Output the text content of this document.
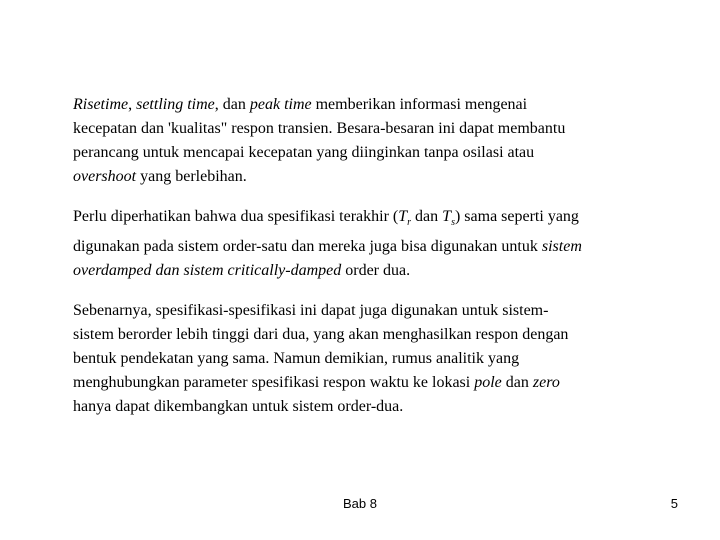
Risetime, settling time, dan peak time memberikan informasi mengenai
kecepatan dan 'kualitas" respon transien. Besara-besaran ini dapat membantu
perancang untuk mencapai kecepatan yang diinginkan tanpa osilasi atau
overshoot yang berlebihan.

Perlu diperhatikan bahwa dua spesifikasi terakhir ($T_r$ dan $T_s$) sama seperti yang
digunakan pada sistem order-satu dan mereka juga bisa digunakan untuk sistem
overdamped dan sistem critically-damped order dua.

Sebenarnya, spesifikasi-spesifikasi ini dapat juga digunakan untuk sistem-
sistem berorder lebih tinggi dari dua, yang akan menghasilkan respon dengan
bentuk pendekatan yang sama. Namun demikian, rumus analitik yang
menghubungkan parameter spesifikasi respon waktu ke lokasi pole dan zero
hanya dapat dikembangkan untuk sistem order-dua.

Bab 8	5
